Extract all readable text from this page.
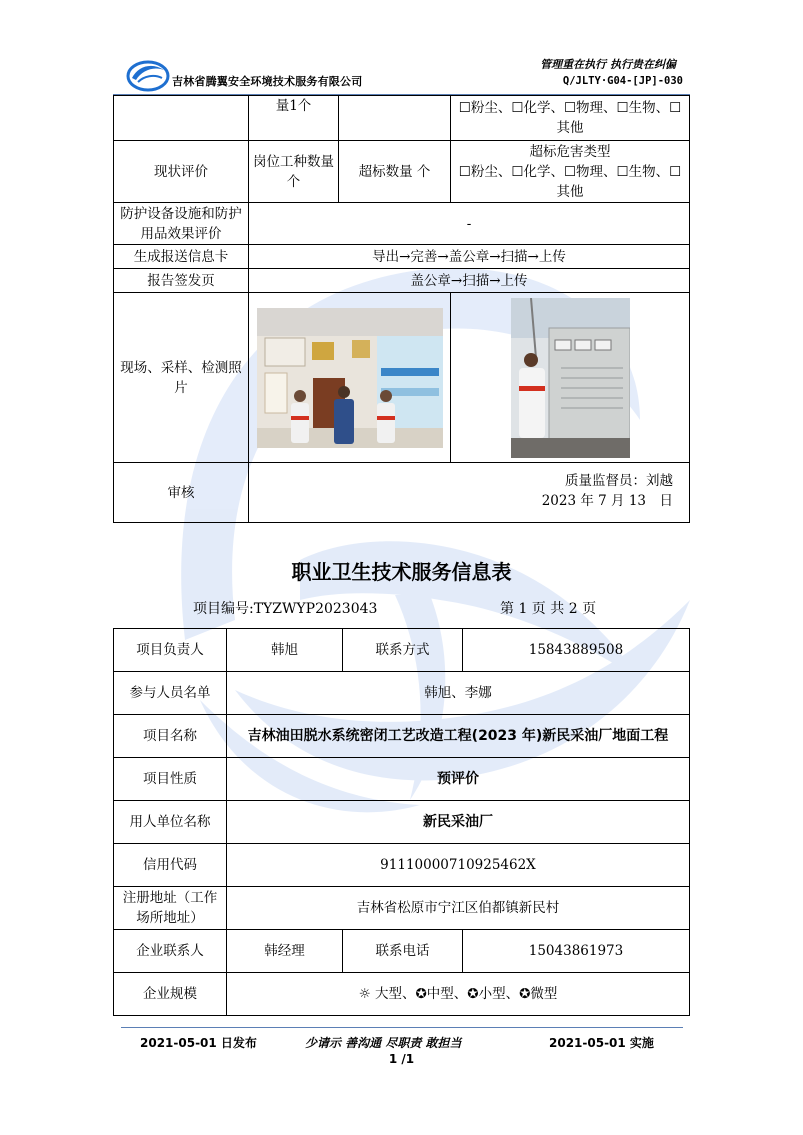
吉林省腾翼安全环境技术服务有限公司
管理重在执行 执行贵在纠偏
Q/JLTY·G04-[JP]-030
	量1个		☐粉尘、☐化学、☐物理、☐生物、☐其他
现状评价	岗位工种数量　个	超标数量 个	超标危害类型
☐粉尘、☐化学、☐物理、☐生物、☐其他

防护设备设施和防护用品效果评价	-		
生成报送信息卡	导出→完善→盖公章→扫描→上传		
报告签发页	盖公章→扫描→上传		
现场、采样、检测照片	

审核	质量监督员：刘越
2023 年 7 月 13　日		
职业卫生技术服务信息表
项目编号:TYZWYP2023043	第 1 页 共 2 页
项目负责人	韩旭	联系方式	15843889508
参与人员名单	韩旭、李娜		
项目名称	吉林油田脱水系统密闭工艺改造工程(2023 年)新民采油厂地面工程		
项目性质	预评价		
用人单位名称	新民采油厂		
信用代码	91110000710925462X		
注册地址（工作场所地址）	吉林省松原市宁江区伯都镇新民村		
企业联系人	韩经理	联系电话	15043861973
企业规模	☼ 大型、✪中型、✪小型、✪微型		
2021-05-01 日发布	少请示 善沟通 尽职责 敢担当	2021-05-01 实施
1 /1
